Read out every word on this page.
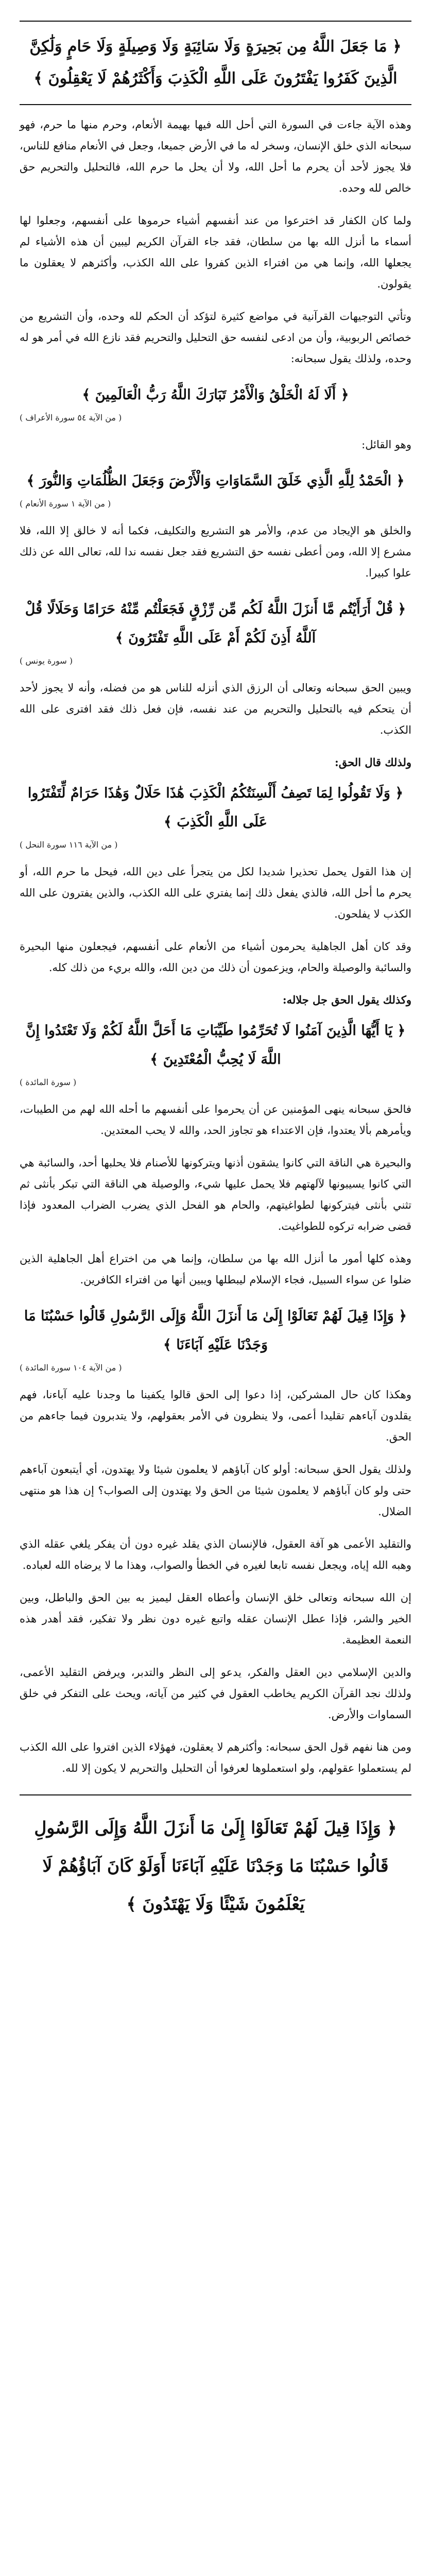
﴿ مَا جَعَلَ اللَّهُ مِن بَحِيرَةٍ وَلَا سَائِبَةٍ وَلَا وَصِيلَةٍ وَلَا حَامٍ وَلَٰكِنَّ الَّذِينَ كَفَرُوا يَفْتَرُونَ عَلَى اللَّهِ الْكَذِبَ وَأَكْثَرُهُمْ لَا يَعْقِلُونَ ﴾

وهذه الآية جاءت في السورة التي أحل الله فيها بهيمة الأنعام، وحرم منها ما حرم، فهو سبحانه الذي خلق الإنسان، وسخر له ما في الأرض جميعا، وجعل في الأنعام منافع للناس، فلا يجوز لأحد أن يحرم ما أحل الله، ولا أن يحل ما حرم الله، فالتحليل والتحريم حق خالص لله وحده.

ولما كان الكفار قد اخترعوا من عند أنفسهم أشياء حرموها على أنفسهم، وجعلوا لها أسماء ما أنزل الله بها من سلطان، فقد جاء القرآن الكريم ليبين أن هذه الأشياء لم يجعلها الله، وإنما هي من افتراء الذين كفروا على الله الكذب، وأكثرهم لا يعقلون ما يقولون.

وتأتي التوجيهات القرآنية في مواضع كثيرة لتؤكد أن الحكم لله وحده، وأن التشريع من خصائص الربوبية، وأن من ادعى لنفسه حق التحليل والتحريم فقد نازع الله في أمر هو له وحده، ولذلك يقول سبحانه:

﴿ أَلَا لَهُ الْخَلْقُ وَالْأَمْرُ تَبَارَكَ اللَّهُ رَبُّ الْعَالَمِينَ ﴾
( من الآية ٥٤ سورة الأعراف )

وهو القائل:

﴿ الْحَمْدُ لِلَّهِ الَّذِي خَلَقَ السَّمَاوَاتِ وَالْأَرْضَ وَجَعَلَ الظُّلُمَاتِ وَالنُّورَ ﴾
( من الآية ١ سورة الأنعام )

والخلق هو الإيجاد من عدم، والأمر هو التشريع والتكليف، فكما أنه لا خالق إلا الله، فلا مشرع إلا الله، ومن أعطى نفسه حق التشريع فقد جعل نفسه ندا لله، تعالى الله عن ذلك علوا كبيرا.

﴿ قُلْ أَرَأَيْتُم مَّا أَنزَلَ اللَّهُ لَكُم مِّن رِّزْقٍ فَجَعَلْتُم مِّنْهُ حَرَامًا وَحَلَالًا قُلْ آللَّهُ أَذِنَ لَكُمْ أَمْ عَلَى اللَّهِ تَفْتَرُونَ ﴾
( سورة يونس )

ويبين الحق سبحانه وتعالى أن الرزق الذي أنزله للناس هو من فضله، وأنه لا يجوز لأحد أن يتحكم فيه بالتحليل والتحريم من عند نفسه، فإن فعل ذلك فقد افترى على الله الكذب.

ولذلك قال الحق:
﴿ وَلَا تَقُولُوا لِمَا تَصِفُ أَلْسِنَتُكُمُ الْكَذِبَ هَٰذَا حَلَالٌ وَهَٰذَا حَرَامٌ لِّتَفْتَرُوا عَلَى اللَّهِ الْكَذِبَ ﴾
( من الآية ١١٦ سورة النحل )

إن هذا القول يحمل تحذيرا شديدا لكل من يتجرأ على دين الله، فيحل ما حرم الله، أو يحرم ما أحل الله، فالذي يفعل ذلك إنما يفتري على الله الكذب، والذين يفترون على الله الكذب لا يفلحون.

وقد كان أهل الجاهلية يحرمون أشياء من الأنعام على أنفسهم، فيجعلون منها البحيرة والسائبة والوصيلة والحام، ويزعمون أن ذلك من دين الله، والله بريء من ذلك كله.

وكذلك يقول الحق جل جلاله:
﴿ يَا أَيُّهَا الَّذِينَ آمَنُوا لَا تُحَرِّمُوا طَيِّبَاتِ مَا أَحَلَّ اللَّهُ لَكُمْ وَلَا تَعْتَدُوا إِنَّ اللَّهَ لَا يُحِبُّ الْمُعْتَدِينَ ﴾
( سورة المائدة )

فالحق سبحانه ينهى المؤمنين عن أن يحرموا على أنفسهم ما أحله الله لهم من الطيبات، ويأمرهم بألا يعتدوا، فإن الاعتداء هو تجاوز الحد، والله لا يحب المعتدين.

والبحيرة هي الناقة التي كانوا يشقون أذنها ويتركونها للأصنام فلا يحلبها أحد، والسائبة هي التي كانوا يسيبونها لآلهتهم فلا يحمل عليها شيء، والوصيلة هي الناقة التي تبكر بأنثى ثم تثني بأنثى فيتركونها لطواغيتهم، والحام هو الفحل الذي يضرب الضراب المعدود فإذا قضى ضرابه تركوه للطواغيت.

وهذه كلها أمور ما أنزل الله بها من سلطان، وإنما هي من اختراع أهل الجاهلية الذين ضلوا عن سواء السبيل، فجاء الإسلام ليبطلها ويبين أنها من افتراء الكافرين.

﴿ وَإِذَا قِيلَ لَهُمْ تَعَالَوْا إِلَىٰ مَا أَنزَلَ اللَّهُ وَإِلَى الرَّسُولِ قَالُوا حَسْبُنَا مَا وَجَدْنَا عَلَيْهِ آبَاءَنَا ﴾
( من الآية ١٠٤ سورة المائدة )

وهكذا كان حال المشركين، إذا دعوا إلى الحق قالوا يكفينا ما وجدنا عليه آباءنا، فهم يقلدون آباءهم تقليدا أعمى، ولا ينظرون في الأمر بعقولهم، ولا يتدبرون فيما جاءهم من الحق.

ولذلك يقول الحق سبحانه: أولو كان آباؤهم لا يعلمون شيئا ولا يهتدون، أي أيتبعون آباءهم حتى ولو كان آباؤهم لا يعلمون شيئا من الحق ولا يهتدون إلى الصواب؟ إن هذا هو منتهى الضلال.

والتقليد الأعمى هو آفة العقول، فالإنسان الذي يقلد غيره دون أن يفكر يلغي عقله الذي وهبه الله إياه، ويجعل نفسه تابعا لغيره في الخطأ والصواب، وهذا ما لا يرضاه الله لعباده.

إن الله سبحانه وتعالى خلق الإنسان وأعطاه العقل ليميز به بين الحق والباطل، وبين الخير والشر، فإذا عطل الإنسان عقله واتبع غيره دون نظر ولا تفكير، فقد أهدر هذه النعمة العظيمة.

والدين الإسلامي دين العقل والفكر، يدعو إلى النظر والتدبر، ويرفض التقليد الأعمى، ولذلك نجد القرآن الكريم يخاطب العقول في كثير من آياته، ويحث على التفكر في خلق السماوات والأرض.

ومن هنا نفهم قول الحق سبحانه: وأكثرهم لا يعقلون، فهؤلاء الذين افتروا على الله الكذب لم يستعملوا عقولهم، ولو استعملوها لعرفوا أن التحليل والتحريم لا يكون إلا لله.

﴿ وَإِذَا قِيلَ لَهُمْ تَعَالَوْا إِلَىٰ مَا أَنزَلَ اللَّهُ وَإِلَى الرَّسُولِ قَالُوا حَسْبُنَا مَا وَجَدْنَا عَلَيْهِ آبَاءَنَا أَوَلَوْ كَانَ آبَاؤُهُمْ لَا يَعْلَمُونَ شَيْئًا وَلَا يَهْتَدُونَ ﴾
